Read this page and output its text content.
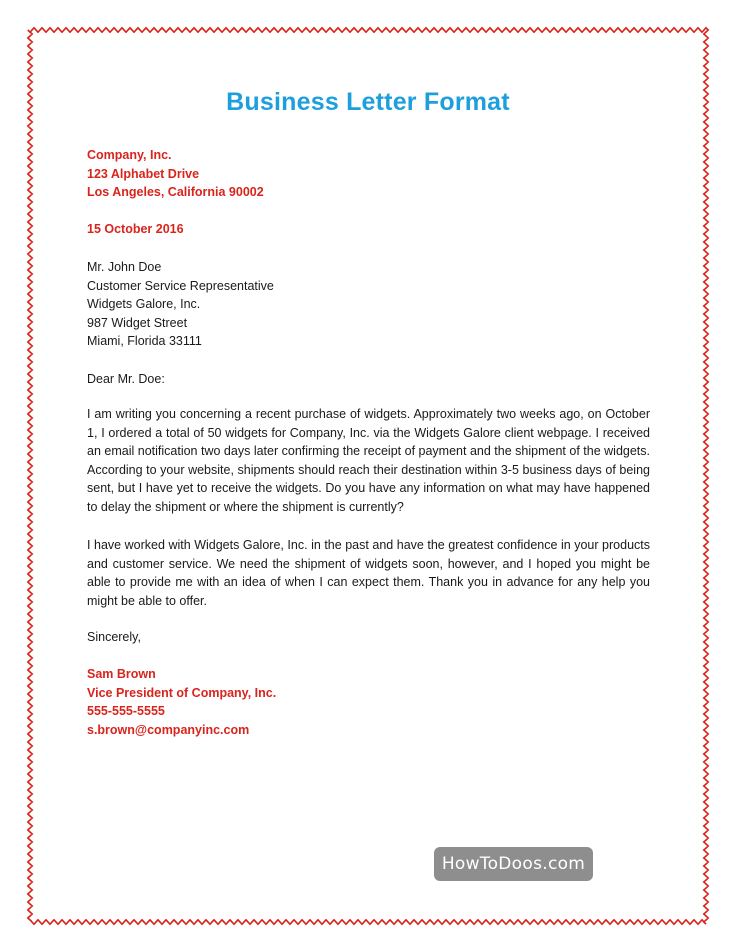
Business Letter Format
Company, Inc.
123 Alphabet Drive
Los Angeles, California 90002
15 October 2016
Mr. John Doe
Customer Service Representative
Widgets Galore, Inc.
987 Widget Street
Miami, Florida 33111
Dear Mr. Doe:
I am writing you concerning a recent purchase of widgets. Approximately two weeks ago, on October 1, I ordered a total of 50 widgets for Company, Inc. via the Widgets Galore client webpage. I received an email notification two days later confirming the receipt of payment and the shipment of the widgets. According to your website, shipments should reach their destination within 3-5 business days of being sent, but I have yet to receive the widgets. Do you have any information on what may have happened to delay the shipment or where the shipment is currently?
I have worked with Widgets Galore, Inc. in the past and have the greatest confidence in your products and customer service. We need the shipment of widgets soon, however, and I hoped you might be able to provide me with an idea of when I can expect them. Thank you in advance for any help you might be able to offer.
Sincerely,
Sam Brown
Vice President of Company, Inc.
555-555-5555
s.brown@companyinc.com
HowToDoos.com
